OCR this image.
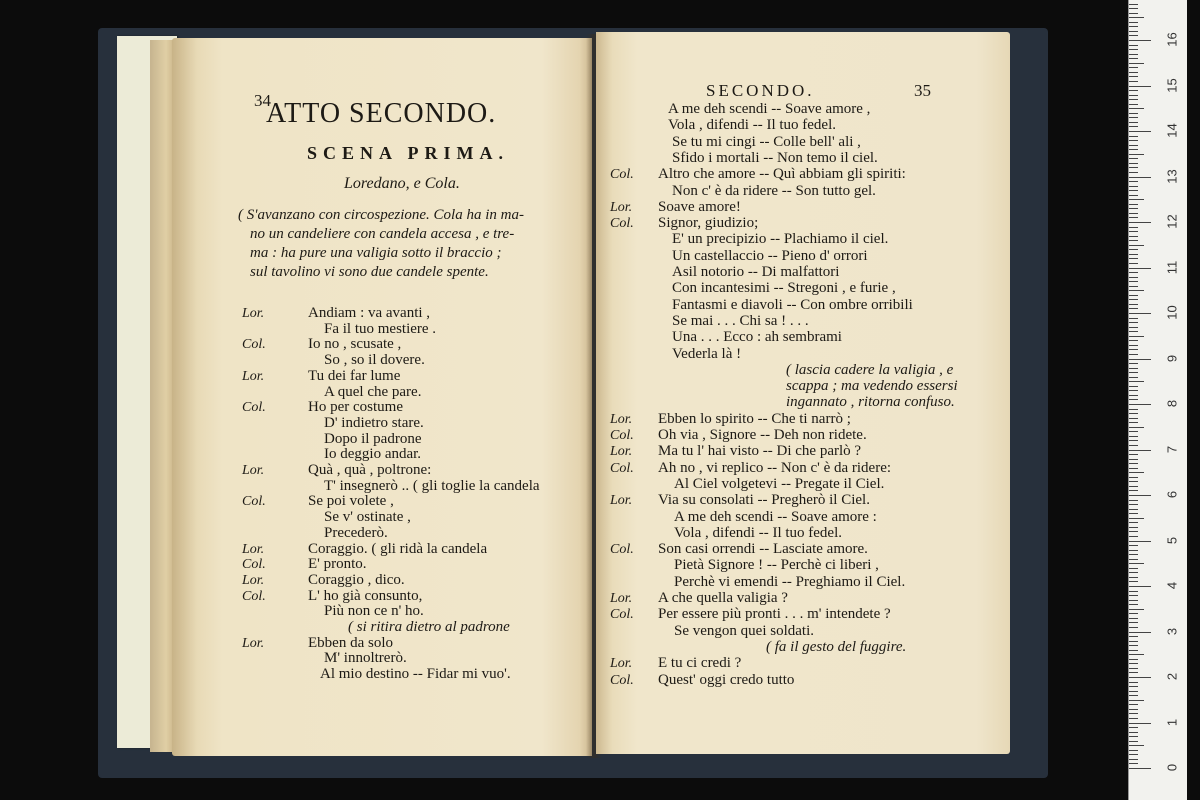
34
ATTO SECONDO.
SCENA PRIMA.
Loredano, e Cola.
( S'avanzano con circospezione. Cola ha in ma-
no un candeliere con candela accesa , e tre-
ma : ha pure una valigia sotto il braccio ;
sul tavolino vi sono due candele spente.
Lor.	Andiam : va avanti ,
Fa il tuo mestiere .
Col.	Io no , scusate ,
So , so il dovere.
Lor.	Tu dei far lume
A quel che pare.
Col.	Ho per costume
D' indietro stare.
Dopo il padrone
Io deggio andar.
Lor.	Quà , quà , poltrone:
T' insegnerò .. ( gli toglie la candela
Col.	Se poi volete ,
Se v' ostinate ,
Precederò.
Lor.	Coraggio. ( gli ridà la candela
Col.	E' pronto.
Lor.	Coraggio , dico.
Col.	L' ho già consunto,
Più non ce n' ho.
( si ritira dietro al padrone
Lor.	Ebben da solo
M' innoltrerò.
Al mio destino -- Fidar mi vuo'.
SECONDO.	35
A me deh scendi -- Soave amore ,
Vola , difendi -- Il tuo fedel.
Se tu mi cingi -- Colle bell' ali ,
Sfido i mortali -- Non temo il ciel.
Col. Altro che amore -- Quì abbiam gli spiriti:
Non c' è da ridere -- Son tutto gel.
Lor. Soave amore!
Col. Signor, giudizio;
E' un precipizio -- Plachiamo il ciel.
Un castellaccio -- Pieno d' orrori
Asil notorio -- Di malfattori
Con incantesimi -- Stregoni , e furie ,
Fantasmi e diavoli -- Con ombre orribili
Se mai . . . Chi sa ! . . .
Una . . . Ecco : ah sembrami
Vederla là !
( lascia cadere la valigia , e
scappa ; ma vedendo essersi
ingannato , ritorna confuso.
Lor. Ebben lo spirito -- Che ti narrò ;
Col. Oh via , Signore -- Deh non ridete.
Lor. Ma tu l' hai visto -- Di che parlò ?
Col. Ah no , vi replico -- Non c' è da ridere:
Al Ciel volgetevi -- Pregate il Ciel.
Lor. Via su consolati -- Pregherò il Ciel.
A me deh scendi -- Soave amore :
Vola , difendi -- Il tuo fedel.
Col. Son casi orrendi -- Lasciate amore.
Pietà Signore ! -- Perchè ci liberi ,
Perchè vi emendi -- Preghiamo il Ciel.
Lor. A che quella valigia ?
Col. Per essere più pronti . . . m' intendete ?
Se vengon quei soldati.
( fa il gesto del fuggire.
Lor. E tu ci credi ?
Col. Quest' oggi credo tutto
0
1
2
3
4
5
6
7
8
9
10
11
12
13
14
15
16
